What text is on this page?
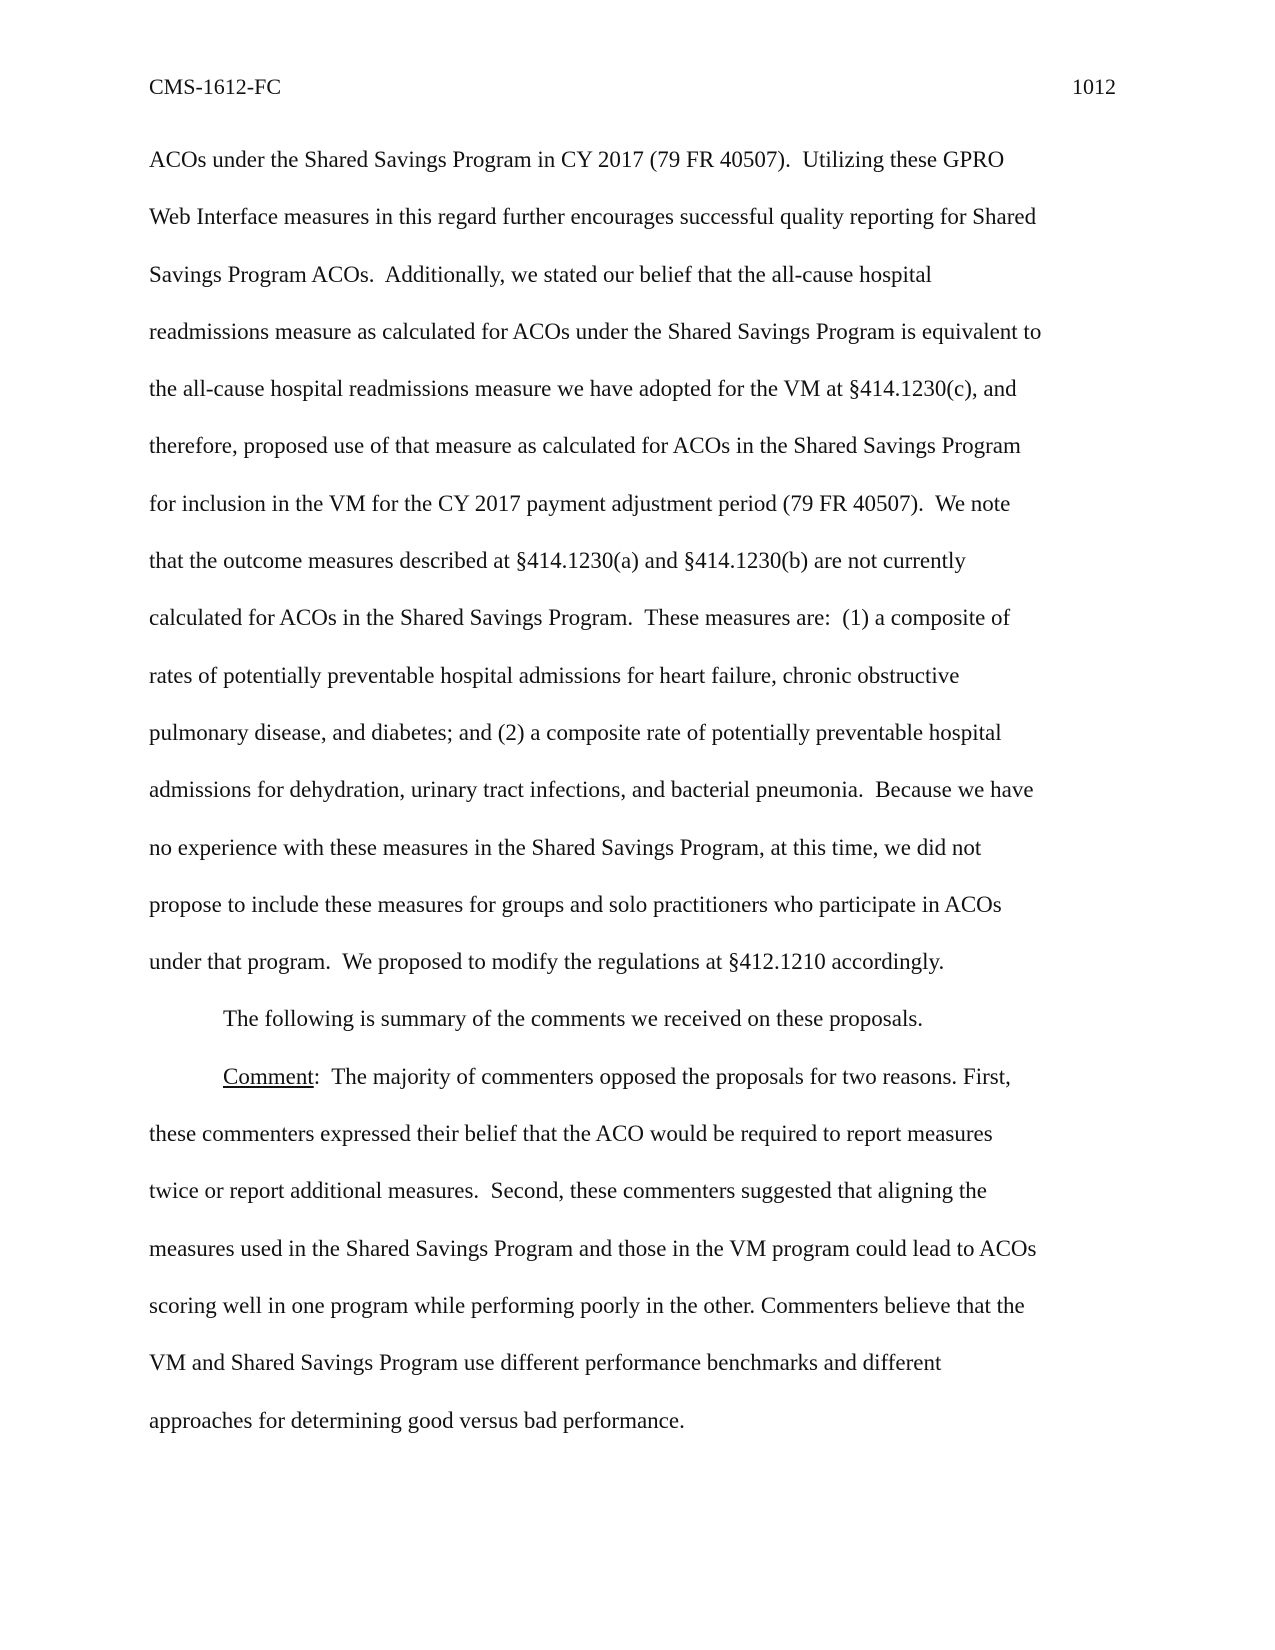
CMS-1612-FC	1012
ACOs under the Shared Savings Program in CY 2017 (79 FR 40507).  Utilizing these GPRO
Web Interface measures in this regard further encourages successful quality reporting for Shared
Savings Program ACOs.  Additionally, we stated our belief that the all-cause hospital
readmissions measure as calculated for ACOs under the Shared Savings Program is equivalent to
the all-cause hospital readmissions measure we have adopted for the VM at §414.1230(c), and
therefore, proposed use of that measure as calculated for ACOs in the Shared Savings Program
for inclusion in the VM for the CY 2017 payment adjustment period (79 FR 40507).  We note
that the outcome measures described at §414.1230(a) and §414.1230(b) are not currently
calculated for ACOs in the Shared Savings Program.  These measures are:  (1) a composite of
rates of potentially preventable hospital admissions for heart failure, chronic obstructive
pulmonary disease, and diabetes; and (2) a composite rate of potentially preventable hospital
admissions for dehydration, urinary tract infections, and bacterial pneumonia.  Because we have
no experience with these measures in the Shared Savings Program, at this time, we did not
propose to include these measures for groups and solo practitioners who participate in ACOs
under that program.  We proposed to modify the regulations at §412.1210 accordingly.
The following is summary of the comments we received on these proposals.
Comment:  The majority of commenters opposed the proposals for two reasons. First,
these commenters expressed their belief that the ACO would be required to report measures
twice or report additional measures.  Second, these commenters suggested that aligning the
measures used in the Shared Savings Program and those in the VM program could lead to ACOs
scoring well in one program while performing poorly in the other. Commenters believe that the
VM and Shared Savings Program use different performance benchmarks and different
approaches for determining good versus bad performance.
